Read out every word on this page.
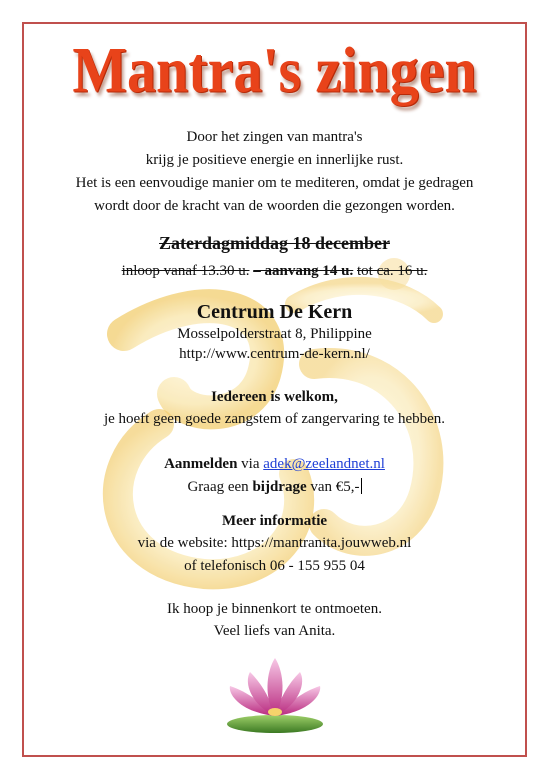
Mantra's zingen
Door het zingen van mantra's
krijg je positieve energie en innerlijke rust.
Het is een eenvoudige manier om te mediteren, omdat je gedragen
wordt door de kracht van de woorden die gezongen worden.
Zaterdagmiddag 18 december
inloop vanaf 13.30 u. – aanvang 14 u. tot ca. 16 u.
Centrum De Kern
Mosselpolderstraat 8, Philippine
http://www.centrum-de-kern.nl/
Iedereen is welkom,
je hoeft geen goede zangstem of zangervaring te hebben.
Aanmelden via adek@zeelandnet.nl
Graag een bijdrage van €5,-
Meer informatie
via de website: https://mantranita.jouwweb.nl
of telefonisch 06 - 155 955 04
Ik hoop je binnenkort te ontmoeten.
Veel liefs van Anita.
